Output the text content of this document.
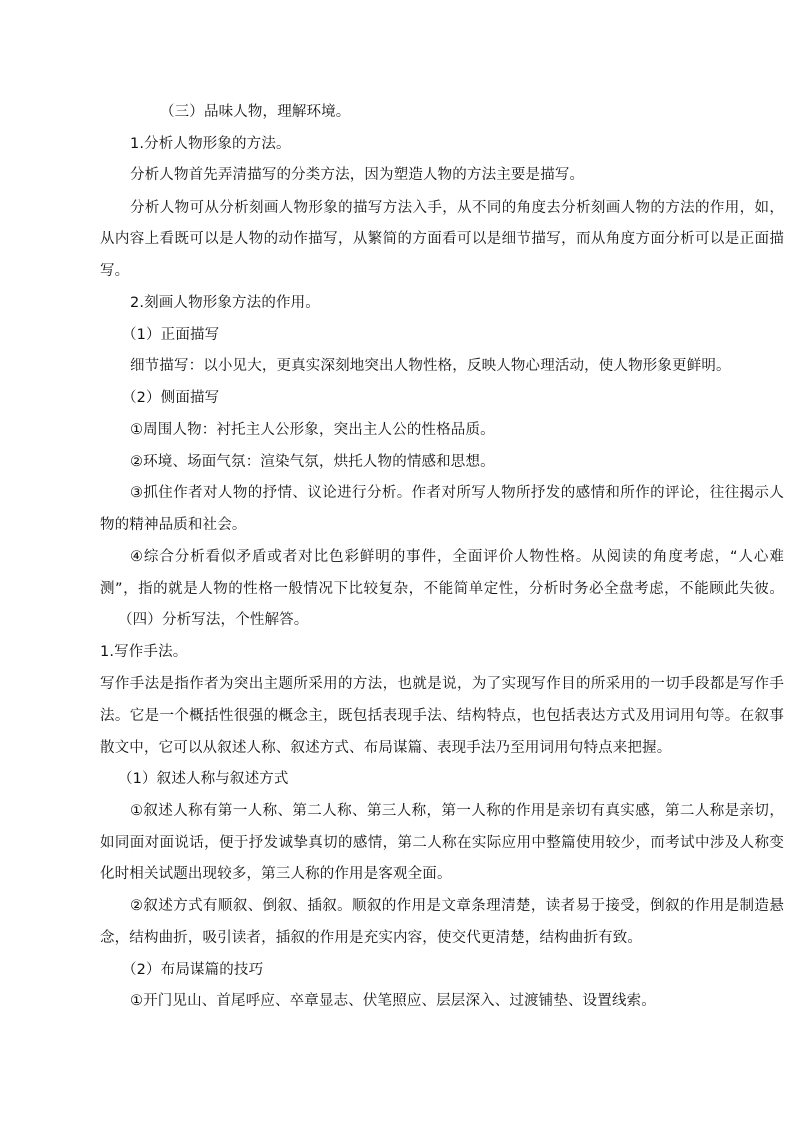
（三）品味人物，理解环境。

1.分析人物形象的方法。

分析人物首先弄清描写的分类方法，因为塑造人物的方法主要是描写。

分析人物可从分析刻画人物形象的描写方法入手，从不同的角度去分析刻画人物的方法的作用，如，

从内容上看既可以是人物的动作描写，从繁简的方面看可以是细节描写，而从角度方面分析可以是正面描

写。

2.刻画人物形象方法的作用。

（1）正面描写

细节描写：以小见大，更真实深刻地突出人物性格，反映人物心理活动，使人物形象更鲜明。

（2）侧面描写

①周围人物：衬托主人公形象，突出主人公的性格品质。

②环境、场面气氛：渲染气氛，烘托人物的情感和思想。

③抓住作者对人物的抒情、议论进行分析。作者对所写人物所抒发的感情和所作的评论，往往揭示人

物的精神品质和社会。

④综合分析看似矛盾或者对比色彩鲜明的事件，全面评价人物性格。从阅读的角度考虑，“人心难

测”，指的就是人物的性格一般情况下比较复杂，不能简单定性，分析时务必全盘考虑，不能顾此失彼。

（四）分析写法，个性解答。

1.写作手法。

写作手法是指作者为突出主题所采用的方法，也就是说，为了实现写作目的所采用的一切手段都是写作手

法。它是一个概括性很强的概念主，既包括表现手法、结构特点，也包括表达方式及用词用句等。在叙事

散文中，它可以从叙述人称、叙述方式、布局谋篇、表现手法乃至用词用句特点来把握。

（1）叙述人称与叙述方式

①叙述人称有第一人称、第二人称、第三人称，第一人称的作用是亲切有真实感，第二人称是亲切，

如同面对面说话，便于抒发诚挚真切的感情，第二人称在实际应用中整篇使用较少，而考试中涉及人称变

化时相关试题出现较多，第三人称的作用是客观全面。

②叙述方式有顺叙、倒叙、插叙。顺叙的作用是文章条理清楚，读者易于接受，倒叙的作用是制造悬

念，结构曲折，吸引读者，插叙的作用是充实内容，使交代更清楚，结构曲折有致。

（2）布局谋篇的技巧

①开门见山、首尾呼应、卒章显志、伏笔照应、层层深入、过渡铺垫、设置线索。
